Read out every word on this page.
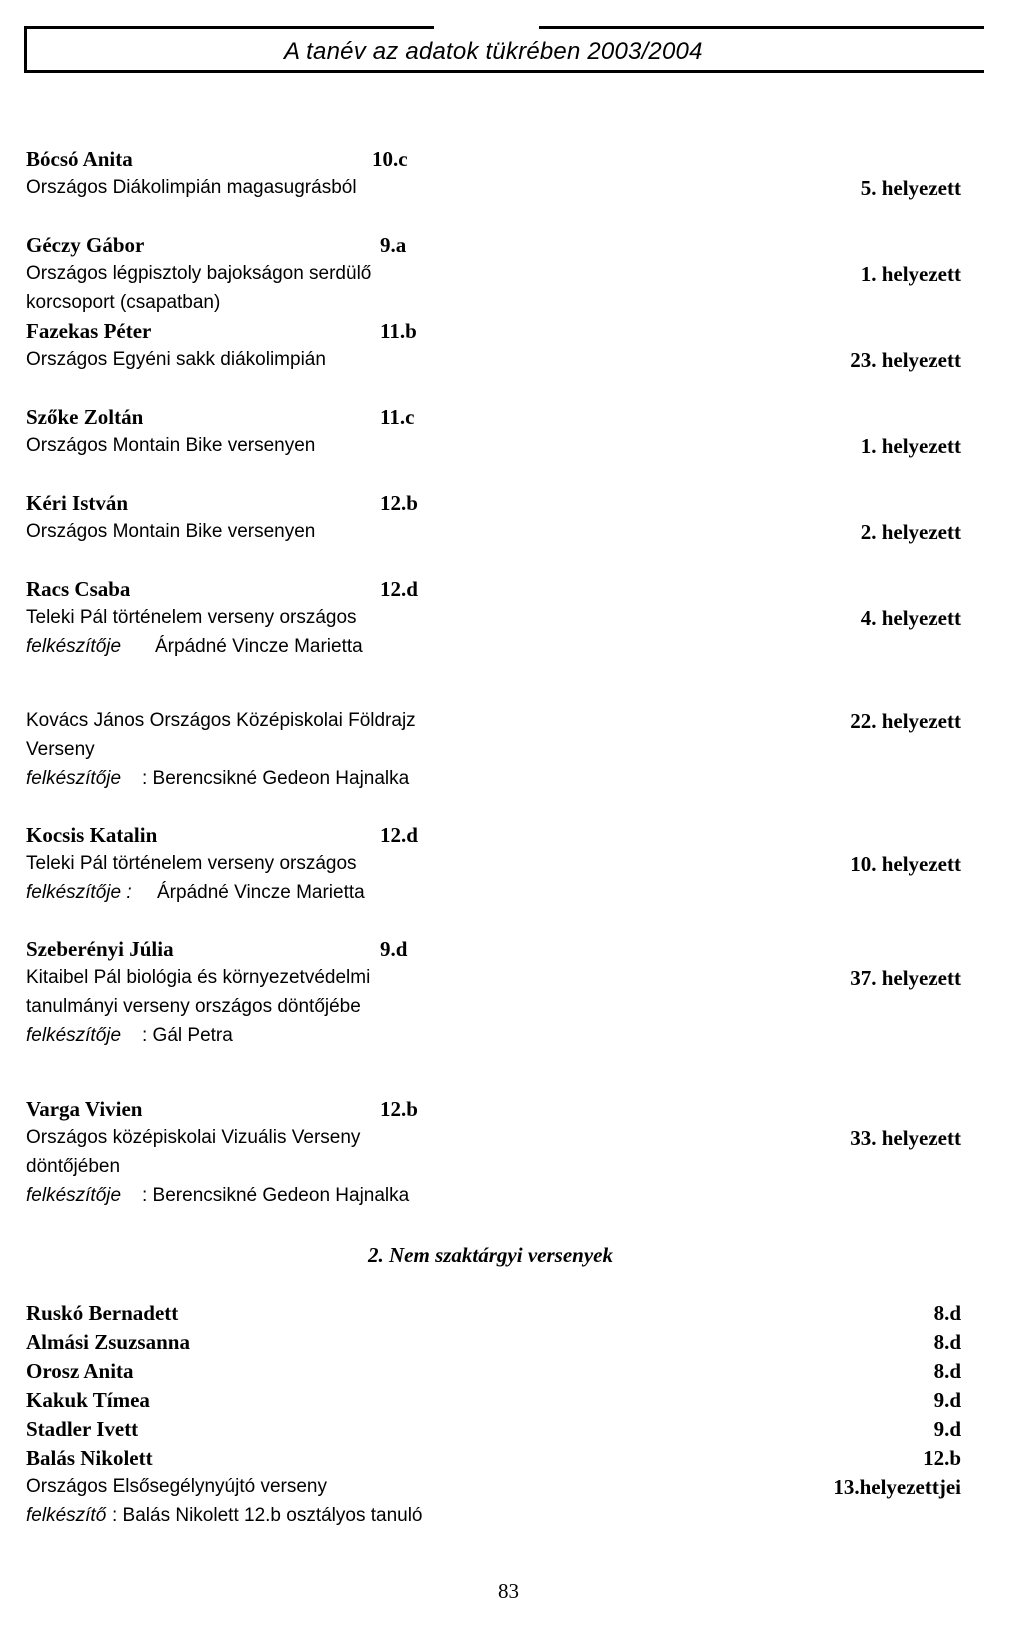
A tanév az adatok tükrében 2003/2004
Bócsó Anita	10.c
Országos Diákolimpián magasugrásból	5. helyezett
Géczy Gábor	9.a
Országos légpisztoly bajokságon serdülő
korcsoport (csapatban)
1. helyezett
Fazekas Péter	11.b
Országos Egyéni sakk diákolimpián	23. helyezett
Szőke Zoltán	11.c
Országos Montain Bike versenyen	1. helyezett
Kéri István	12.b
Országos Montain Bike versenyen	2. helyezett
Racs Csaba	12.d
Teleki Pál történelem verseny országos	4. helyezett
felkészítője Árpádné Vincze Marietta
Kovács János Országos Középiskolai Földrajz
Verseny
22. helyezett
felkészítője : Berencsikné Gedeon Hajnalka
Kocsis Katalin	12.d
Teleki Pál történelem verseny országos	10. helyezett
felkészítője : Árpádné Vincze Marietta
Szeberényi Júlia	9.d
Kitaibel Pál biológia és környezetvédelmi
tanulmányi verseny országos döntőjébe
37. helyezett
felkészítője : Gál Petra
Varga Vivien	12.b
Országos középiskolai Vizuális Verseny
döntőjében
33. helyezett
felkészítője : Berencsikné Gedeon Hajnalka
2. Nem szaktárgyi versenyek
Ruskó Bernadett	8.d
Almási Zsuzsanna	8.d
Orosz Anita	8.d
Kakuk Tímea	9.d
Stadler Ivett	9.d
Balás Nikolett	12.b
Országos Elsősegélynyújtó verseny	13.helyezettjei
felkészítő : Balás Nikolett 12.b osztályos tanuló
83
